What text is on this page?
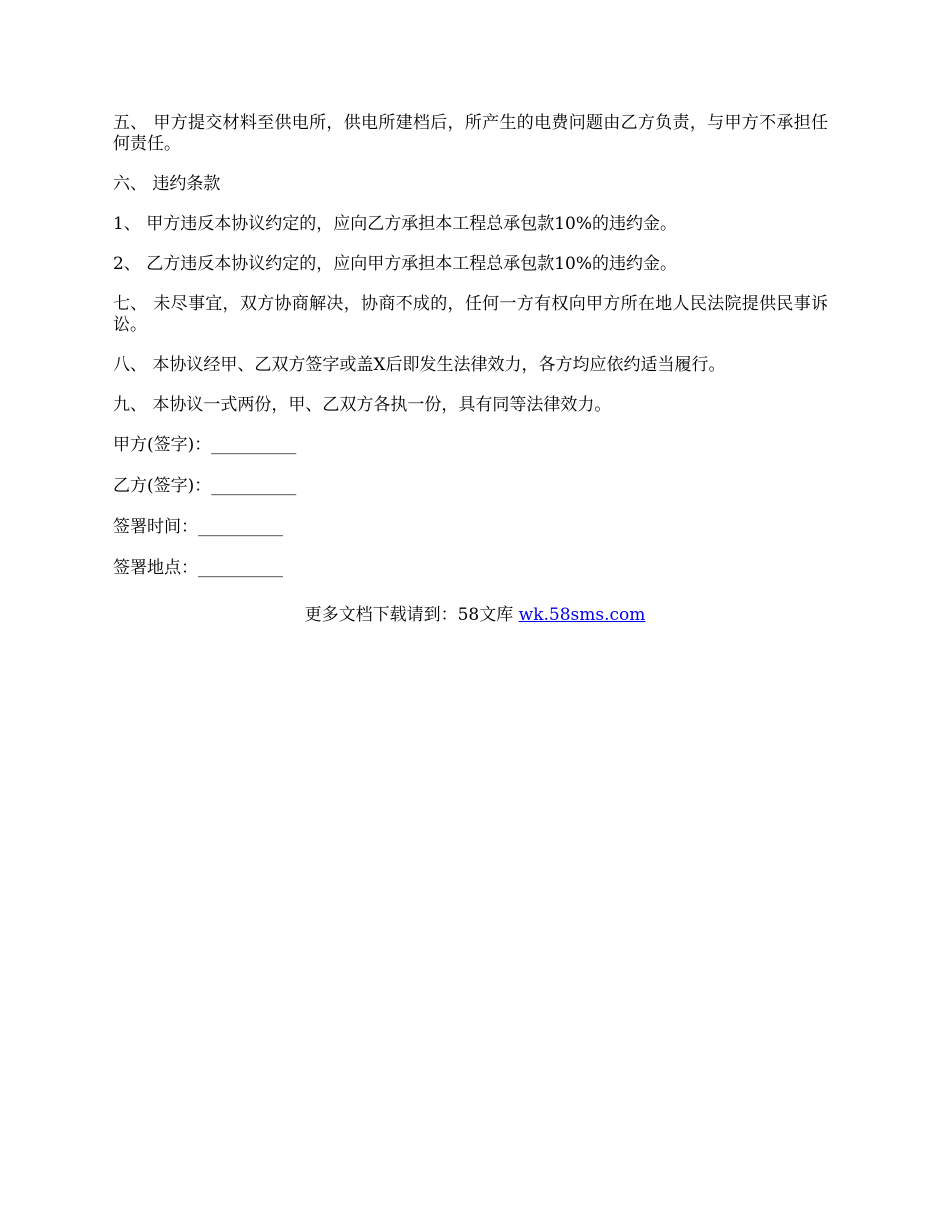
五、 甲方提交材料至供电所，供电所建档后，所产生的电费问题由乙方负责，与甲方不承担任何责任。

六、 违约条款

1、 甲方违反本协议约定的，应向乙方承担本工程总承包款10%的违约金。

2、 乙方违反本协议约定的，应向甲方承担本工程总承包款10%的违约金。

七、 未尽事宜，双方协商解决，协商不成的，任何一方有权向甲方所在地人民法院提供民事诉讼。

八、 本协议经甲、乙双方签字或盖X后即发生法律效力，各方均应依约适当履行。

九、 本协议一式两份，甲、乙双方各执一份，具有同等法律效力。

甲方(签字)：__________

乙方(签字)：__________

签署时间：__________

签署地点：__________

更多文档下载请到：58文库 wk.58sms.com
